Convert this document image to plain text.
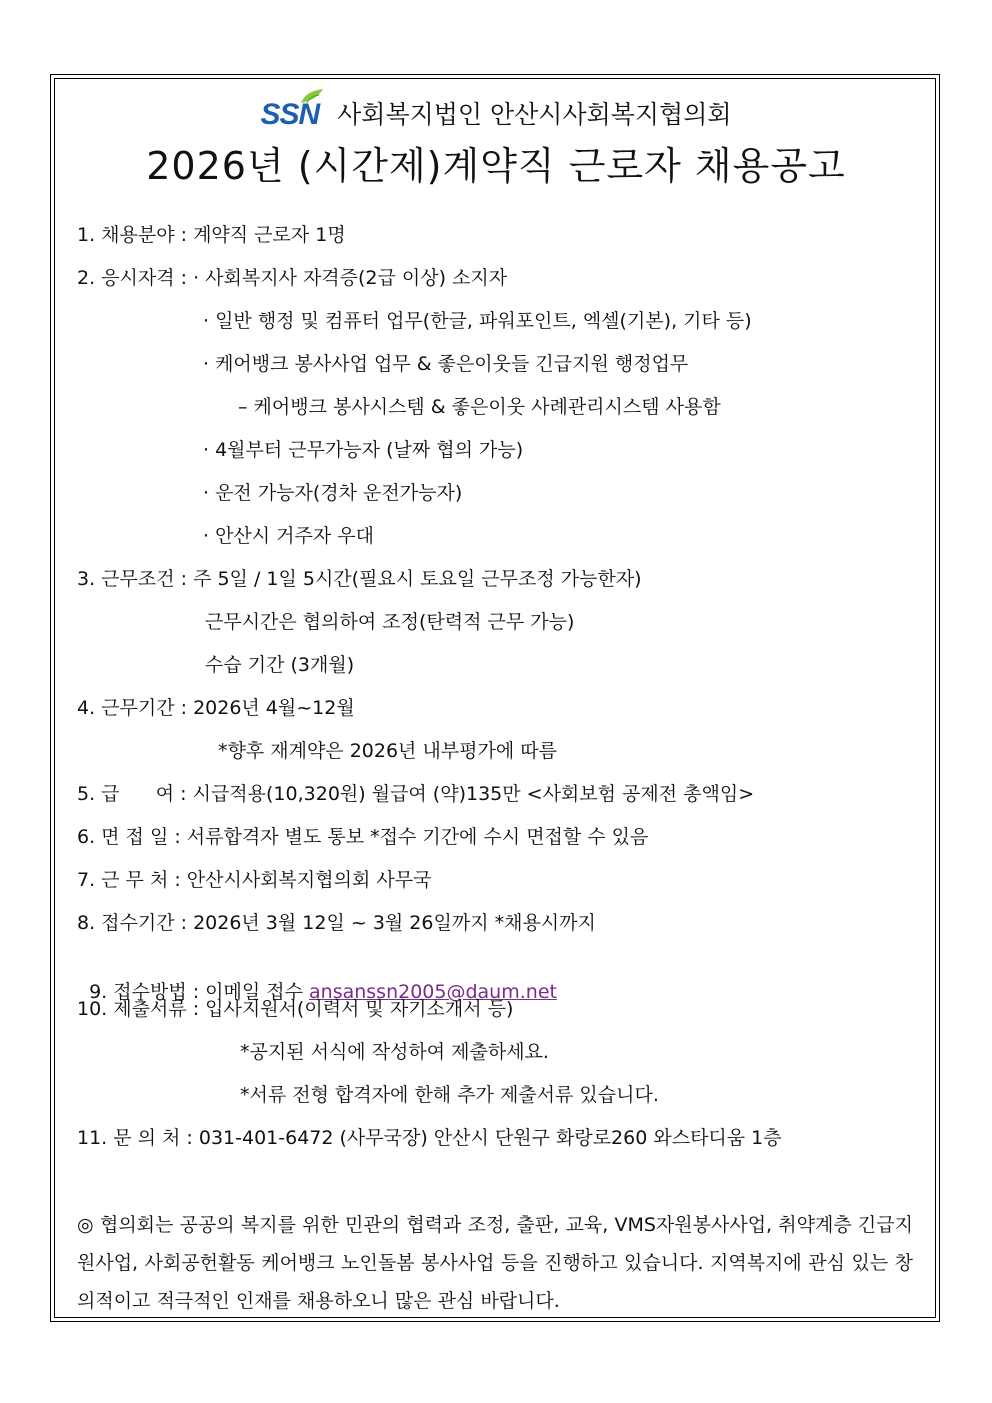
SSN 사회복지법인 안산시사회복지협의회
2026년 (시간제)계약직 근로자 채용공고
1. 채용분야 : 계약직 근로자 1명
2. 응시자격 : · 사회복지사 자격증(2급 이상) 소지자
· 일반 행정 및 컴퓨터 업무(한글, 파워포인트, 엑셀(기본), 기타 등)
· 케어뱅크 봉사사업 업무 & 좋은이웃들 긴급지원 행정업무
– 케어뱅크 봉사시스템 & 좋은이웃 사례관리시스템 사용함
· 4월부터 근무가능자 (날짜 협의 가능)
· 운전 가능자(경차 운전가능자)
· 안산시 거주자 우대
3. 근무조건 : 주 5일 / 1일 5시간(필요시 토요일 근무조정 가능한자)
근무시간은 협의하여 조정(탄력적 근무 가능)
수습 기간 (3개월)
4. 근무기간 : 2026년 4월~12월
*향후 재계약은 2026년 내부평가에 따름
5. 급      여 : 시급적용(10,320원) 월급여 (약)135만 <사회보험 공제전 총액임>
6. 면 접 일 : 서류합격자 별도 통보 *접수 기간에 수시 면접할 수 있음
7. 근 무 처 : 안산시사회복지협의회 사무국
8. 접수기간 : 2026년 3월 12일 ~ 3월 26일까지 *채용시까지

9. 접수방법 : 이메일 접수 ansanssn2005@daum.net

10. 제출서류 : 입사지원서(이력서 및 자기소개서 등)
*공지된 서식에 작성하여 제출하세요.
*서류 전형 합격자에 한해 추가 제출서류 있습니다.
11. 문 의 처 : 031-401-6472 (사무국장) 안산시 단원구 화랑로260 와스타디움 1층
◎ 협의회는 공공의 복지를 위한 민관의 협력과 조정, 출판, 교육, VMS자원봉사사업, 취약계층 긴급지원사업, 사회공헌활동 케어뱅크 노인돌봄 봉사사업 등을 진행하고 있습니다. 지역복지에 관심 있는 창의적이고 적극적인 인재를 채용하오니 많은 관심 바랍니다.
